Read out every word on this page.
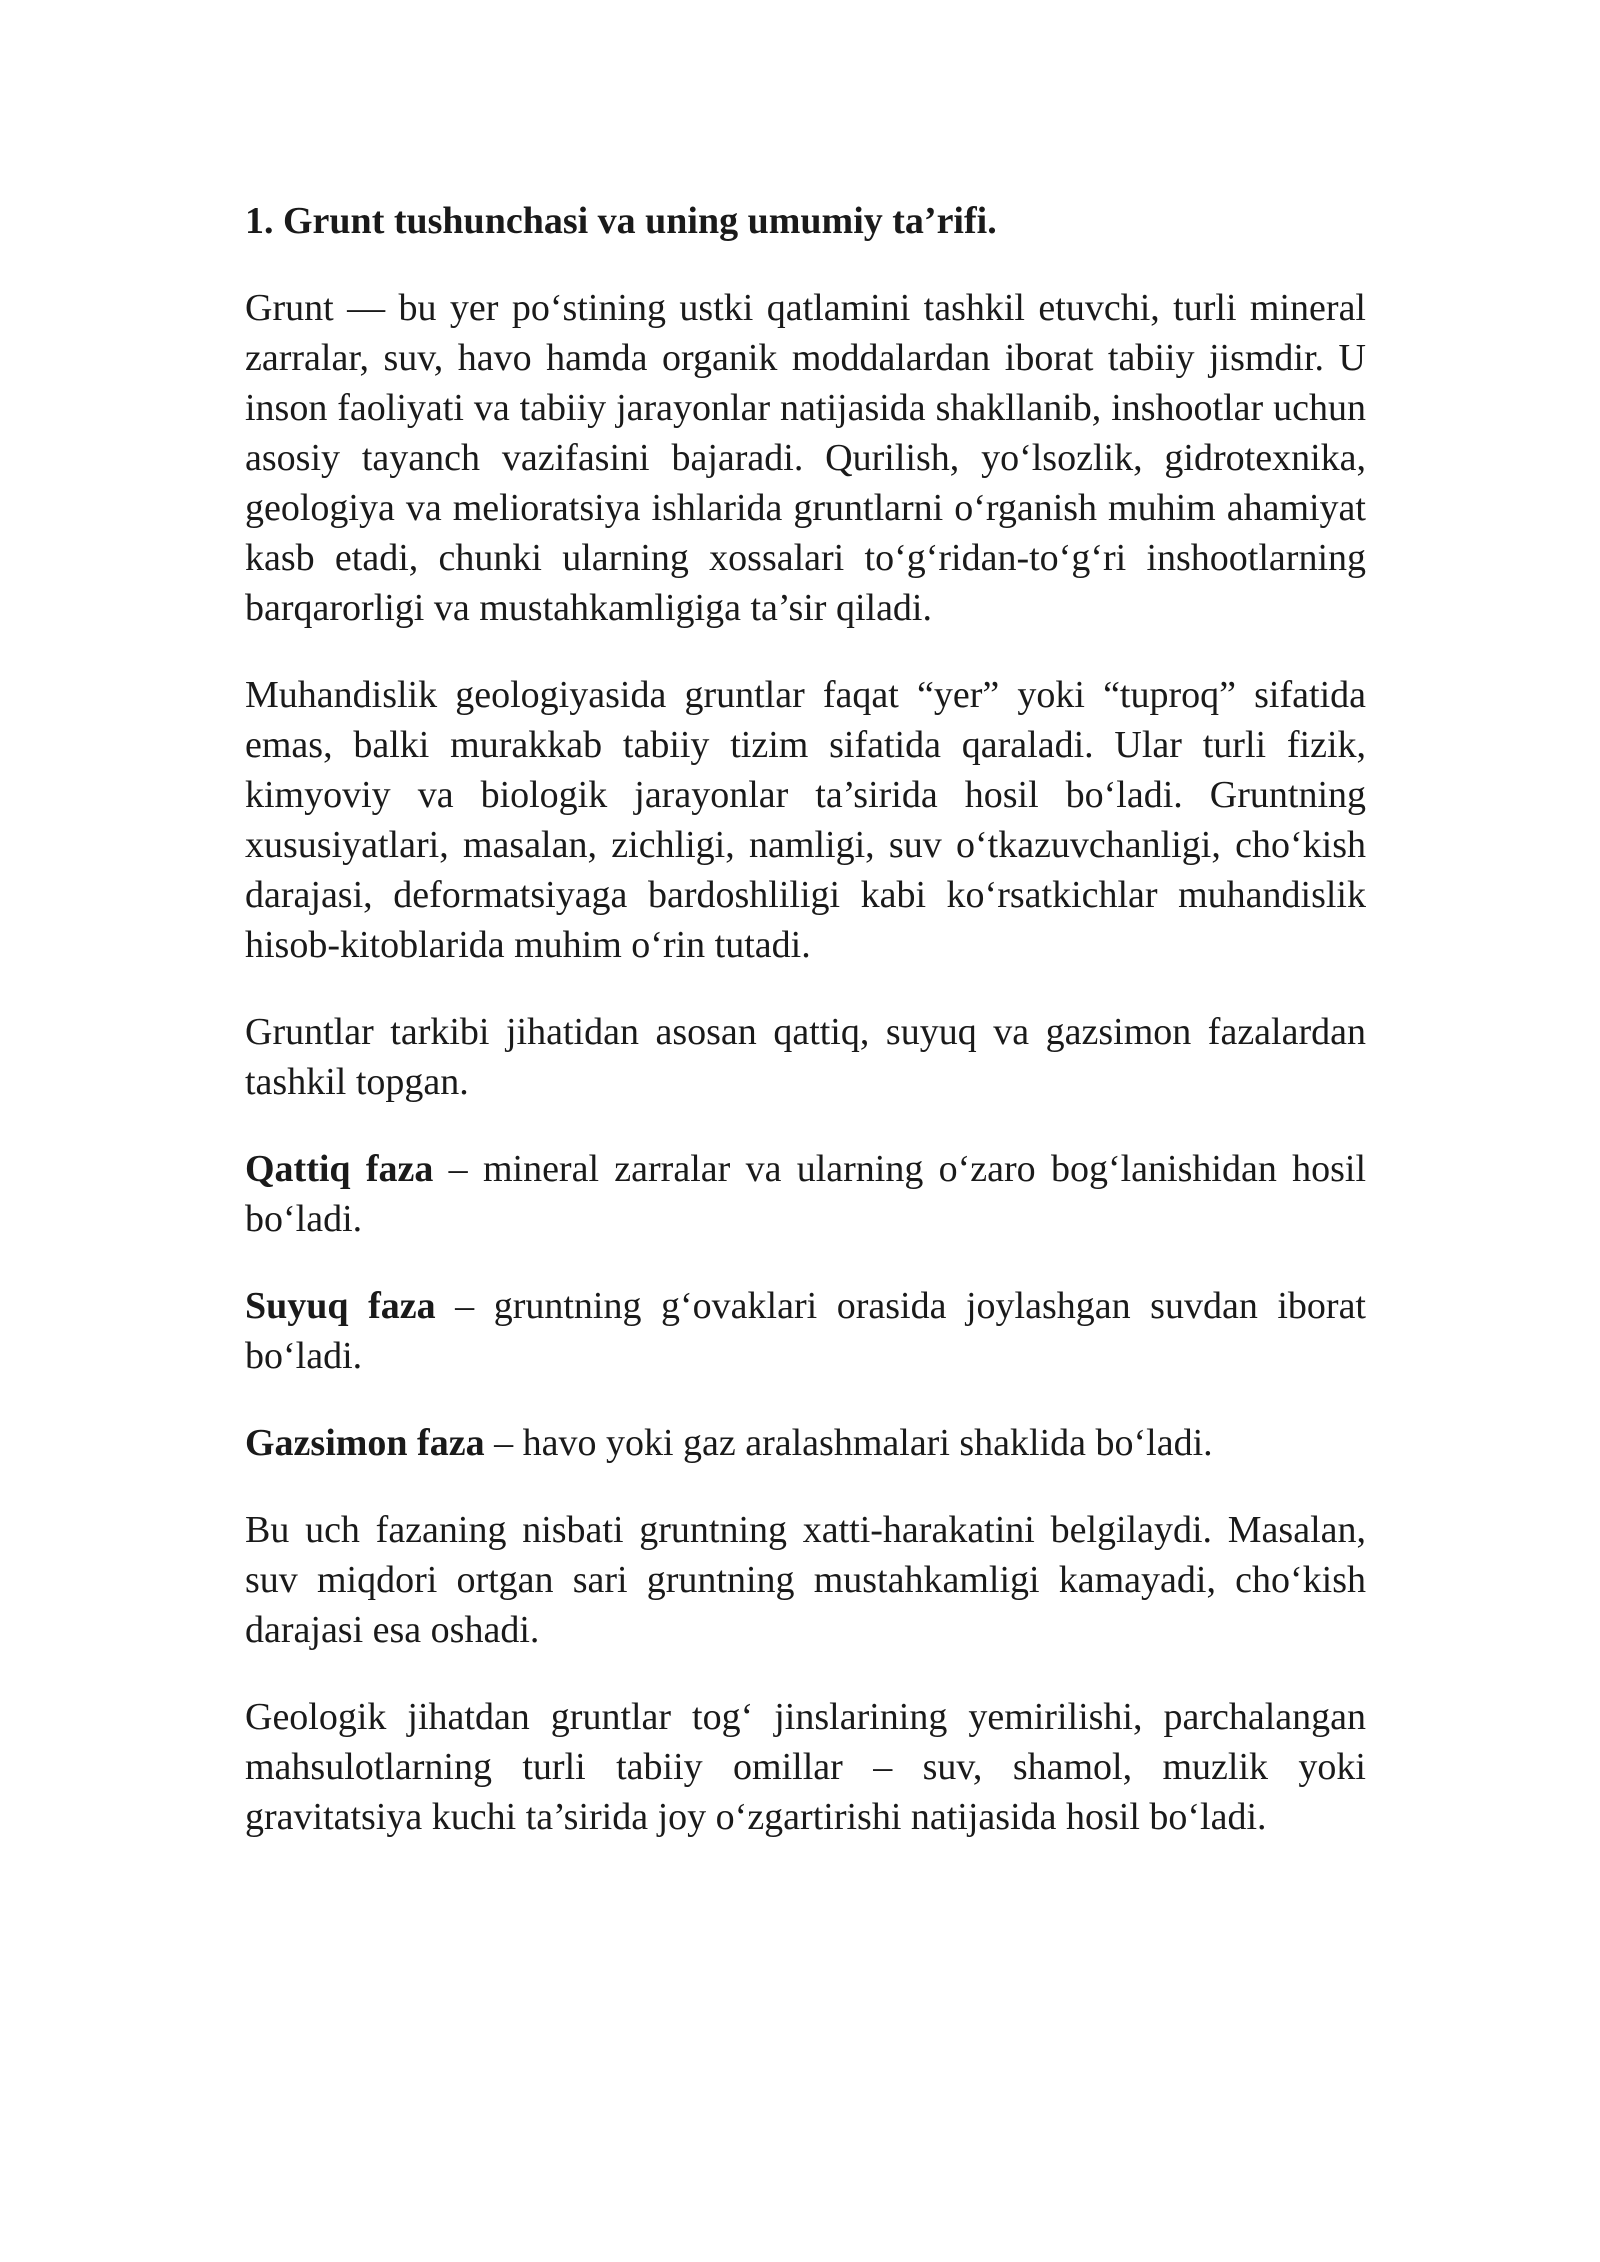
1. Grunt tushunchasi va uning umumiy ta’rifi.

Grunt — bu yer po‘stining ustki qatlamini tashkil etuvchi, turli mineral zarralar, suv, havo hamda organik moddalardan iborat tabiiy jismdir. U inson faoliyati va tabiiy jarayonlar natijasida shakllanib, inshootlar uchun asosiy tayanch vazifasini bajaradi. Qurilish, yo‘lsozlik, gidrotexnika, geologiya va melioratsiya ishlarida gruntlarni o‘rganish muhim ahamiyat kasb etadi, chunki ularning xossalari to‘g‘ridan-to‘g‘ri inshootlarning barqarorligi va mustahkamligiga ta’sir qiladi.

Muhandislik geologiyasida gruntlar faqat “yer” yoki “tuproq” sifatida emas, balki murakkab tabiiy tizim sifatida qaraladi. Ular turli fizik, kimyoviy va biologik jarayonlar ta’sirida hosil bo‘ladi. Gruntning xususiyatlari, masalan, zichligi, namligi, suv o‘tkazuvchanligi, cho‘kish darajasi, deformatsiyaga bardoshliligi kabi ko‘rsatkichlar muhandislik hisob-kitoblarida muhim o‘rin tutadi.

Gruntlar tarkibi jihatidan asosan qattiq, suyuq va gazsimon fazalardan tashkil topgan.

Qattiq faza – mineral zarralar va ularning o‘zaro bog‘lanishidan hosil bo‘ladi.

Suyuq faza – gruntning g‘ovaklari orasida joylashgan suvdan iborat bo‘ladi.

Gazsimon faza – havo yoki gaz aralashmalari shaklida bo‘ladi.

Bu uch fazaning nisbati gruntning xatti-harakatini belgilaydi. Masalan, suv miqdori ortgan sari gruntning mustahkamligi kamayadi, cho‘kish darajasi esa oshadi.

Geologik jihatdan gruntlar tog‘ jinslarining yemirilishi, parchalangan mahsulotlarning turli tabiiy omillar – suv, shamol, muzlik yoki gravitatsiya kuchi ta’sirida joy o‘zgartirishi natijasida hosil bo‘ladi.
